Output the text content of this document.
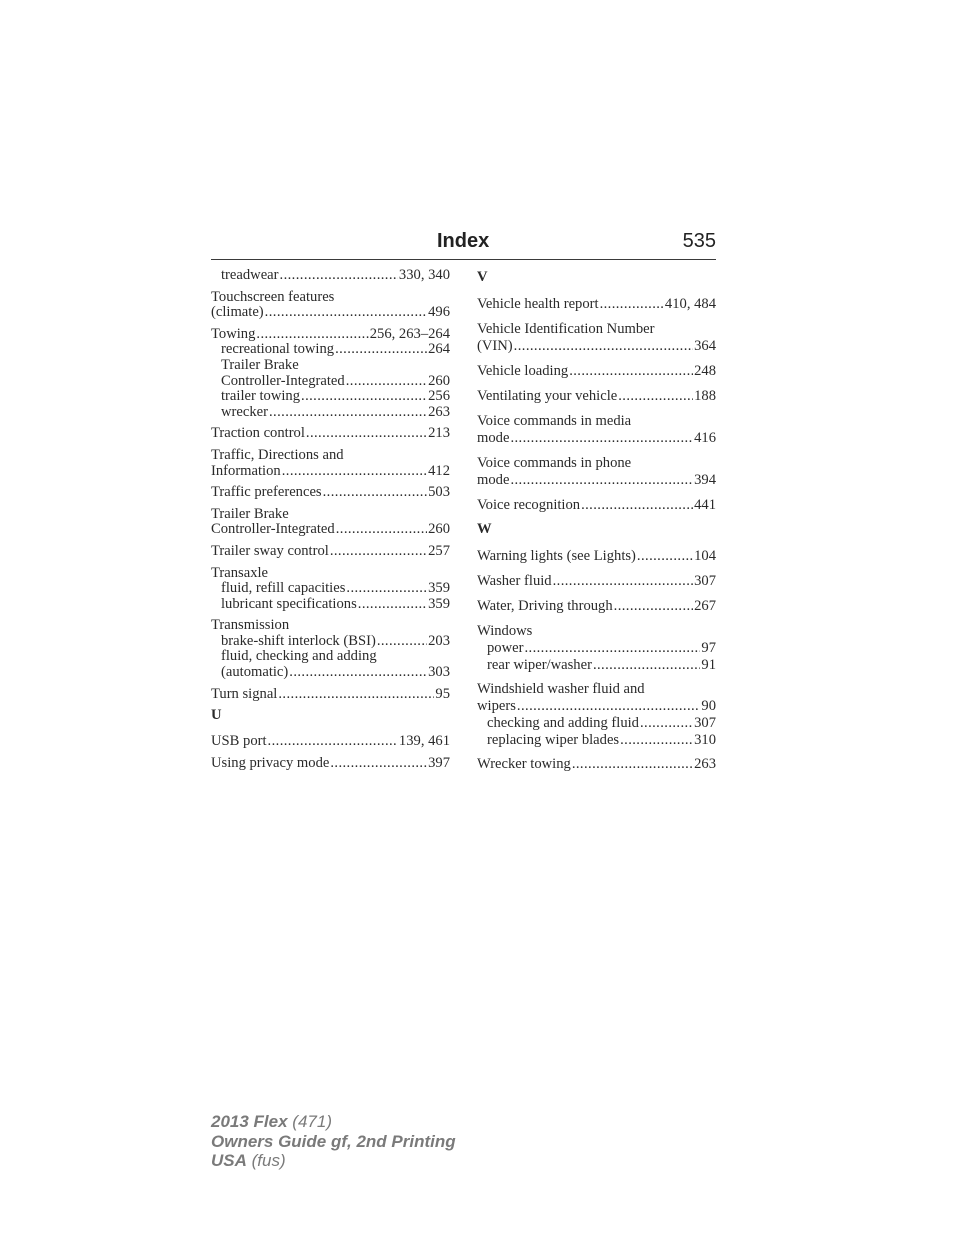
Index	535
treadwear .....	330, 340
Touchscreen features
(climate) .....	496
Towing .....	256, 263–264
recreational towing .....	264
Trailer Brake
Controller-Integrated .....	260
trailer towing .....	256
wrecker .....	263
Traction control .....	213
Traffic, Directions and
Information .....	412
Traffic preferences .....	503
Trailer Brake
Controller-Integrated .....	260
Trailer sway control .....	257
Transaxle
fluid, refill capacities .....	359
lubricant specifications .....	359
Transmission
brake-shift interlock (BSI) .....	203
fluid, checking and adding
(automatic) .....	303
Turn signal .....	95
U
USB port .....	139, 461
Using privacy mode .....	397
V
Vehicle health report .....	410, 484
Vehicle Identification Number
(VIN) .....	364
Vehicle loading .....	248
Ventilating your vehicle .....	188
Voice commands in media
mode .....	416
Voice commands in phone
mode .....	394
Voice recognition .....	441
W
Warning lights (see Lights) .....	104
Washer fluid .....	307
Water, Driving through .....	267
Windows
power .....	97
rear wiper/washer .....	91
Windshield washer fluid and
wipers .....	90
checking and adding fluid .....	307
replacing wiper blades .....	310
Wrecker towing .....	263
2013 Flex (471)
Owners Guide gf, 2nd Printing
USA (fus)
